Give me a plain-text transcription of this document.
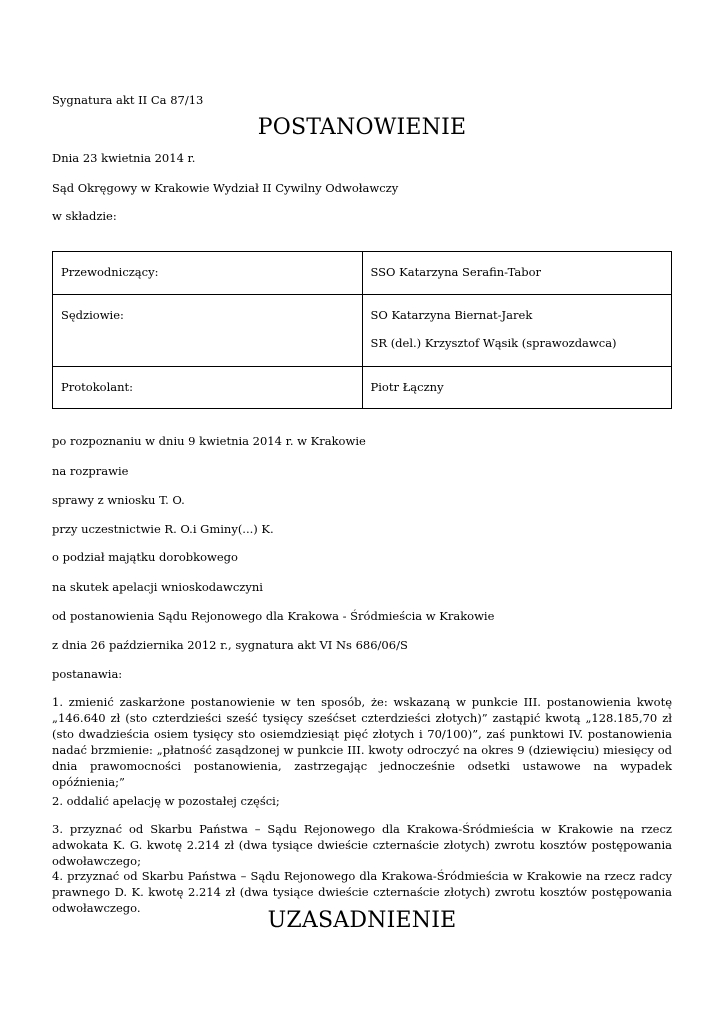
Sygnatura akt II Ca 87/13
POSTANOWIENIE
Dnia 23 kwietnia 2014 r.
Sąd Okręgowy w Krakowie Wydział II Cywilny Odwoławczy
w składzie:

Przewodniczący:	SSO Katarzyna Serafin-Tabor

Sędziowie:	SO Katarzyna Biernat-Jarek

SR (del.) Krzysztof Wąsik (sprawozdawca)

Protokolant:	Piotr Łączny

po rozpoznaniu w dniu 9 kwietnia 2014 r. w Krakowie
na rozprawie
sprawy z wniosku T. O.
przy uczestnictwie R. O.i Gminy(...) K.
o podział majątku dorobkowego
na skutek apelacji wnioskodawczyni
od postanowienia Sądu Rejonowego dla Krakowa - Śródmieścia w Krakowie
z dnia 26 października 2012 r., sygnatura akt VI Ns 686/06/S
postanawia:

1. zmienić zaskarżone postanowienie w ten sposób, że: wskazaną w punkcie III. postanowienia kwotę „146.640 zł (sto czterdzieści sześć tysięcy sześćset czterdzieści złotych)” zastąpić kwotą „128.185,70 zł (sto dwadzieścia osiem tysięcy sto osiemdziesiąt pięć złotych i 70/100)”, zaś punktowi IV. postanowienia nadać brzmienie: „płatność zasądzonej w punkcie III. kwoty odroczyć na okres 9 (dziewięciu) miesięcy od dnia prawomocności postanowienia, zastrzegając jednocześnie odsetki ustawowe na wypadek opóźnienia;”

2. oddalić apelację w pozostałej części;

3. przyznać od Skarbu Państwa – Sądu Rejonowego dla Krakowa-Śródmieścia w Krakowie na rzecz adwokata K. G. kwotę 2.214 zł (dwa tysiące dwieście czternaście złotych) zwrotu kosztów postępowania odwoławczego;

4. przyznać od Skarbu Państwa – Sądu Rejonowego dla Krakowa-Śródmieścia w Krakowie na rzecz radcy prawnego D. K. kwotę 2.214 zł (dwa tysiące dwieście czternaście złotych) zwrotu kosztów postępowania odwoławczego.	UZASADNIENIE
